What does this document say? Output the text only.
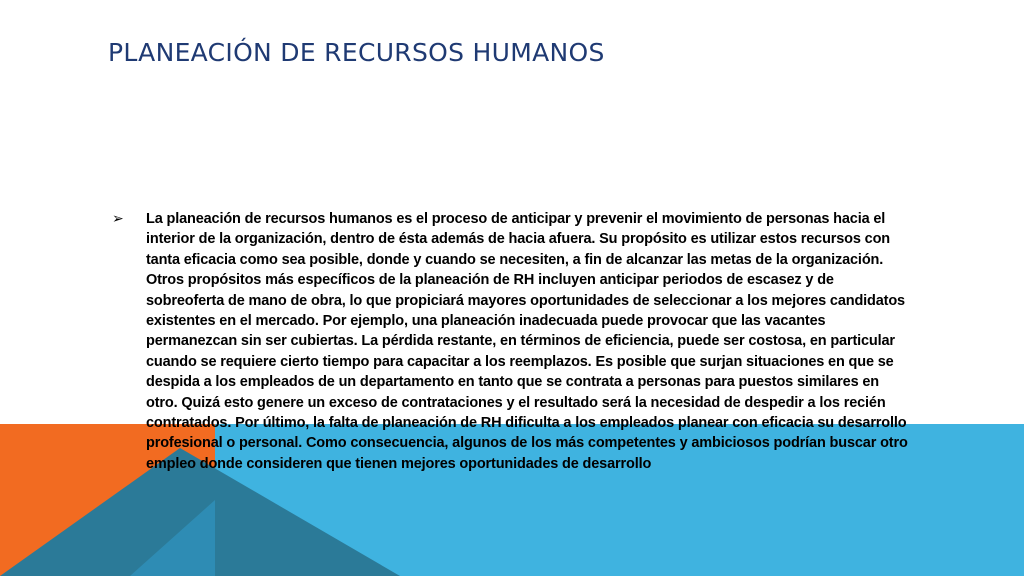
PLANEACIÓN DE RECURSOS HUMANOS
➢	La planeación de recursos humanos es el proceso de anticipar y prevenir el movimiento de personas hacia el interior de la organización, dentro de ésta además de hacia afuera. Su propósito es utilizar estos recursos con tanta eficacia como sea posible, donde y cuando se necesiten, a fin de alcanzar las metas de la organización. Otros propósitos más específicos de la planeación de RH incluyen anticipar periodos de escasez y de sobreoferta de mano de obra, lo que propiciará mayores oportunidades de seleccionar a los mejores candidatos existentes en el mercado. Por ejemplo, una planeación inadecuada puede provocar que las vacantes permanezcan sin ser cubiertas. La pérdida restante, en términos de eficiencia, puede ser costosa, en particular cuando se requiere cierto tiempo para capacitar a los reemplazos. Es posible que surjan situaciones en que se despida a los empleados de un departamento en tanto que se contrata a personas para puestos similares en otro. Quizá esto genere un exceso de contrataciones y el resultado será la necesidad de despedir a los recién contratados. Por último, la falta de planeación de RH dificulta a los empleados planear con eficacia su desarrollo profesional o personal. Como consecuencia, algunos de los más competentes y ambiciosos podrían buscar otro empleo donde consideren que tienen mejores oportunidades de desarrollo
